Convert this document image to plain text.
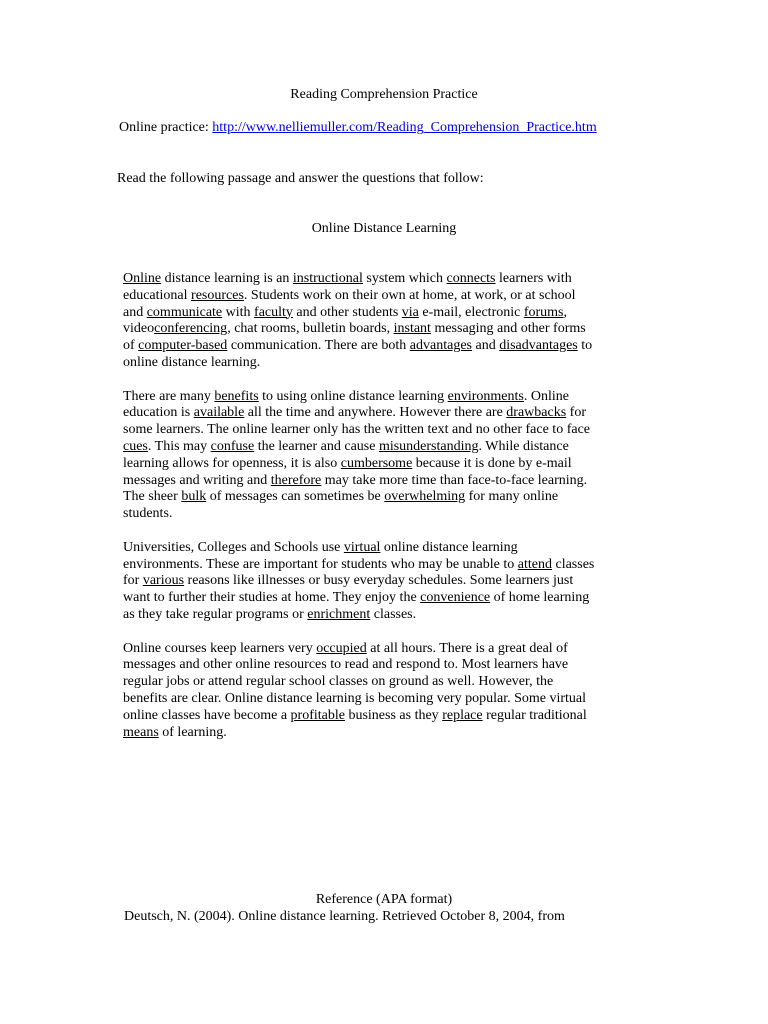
Reading Comprehension Practice
Online practice: http://www.nelliemuller.com/Reading_Comprehension_Practice.htm
Read the following passage and answer the questions that follow:
Online Distance Learning

Online distance learning is an instructional system which connects learners with
educational resources. Students work on their own at home, at work, or at school
and communicate with faculty and other students via e-mail, electronic forums,
videoconferencing, chat rooms, bulletin boards, instant messaging and other forms
of computer-based communication. There are both advantages and disadvantages to
online distance learning.

There are many benefits to using online distance learning environments. Online
education is available all the time and anywhere. However there are drawbacks for
some learners. The online learner only has the written text and no other face to face
cues. This may confuse the learner and cause misunderstanding. While distance
learning allows for openness, it is also cumbersome because it is done by e-mail
messages and writing and therefore may take more time than face-to-face learning.
The sheer bulk of messages can sometimes be overwhelming for many online
students.

Universities, Colleges and Schools use virtual online distance learning
environments. These are important for students who may be unable to attend classes
for various reasons like illnesses or busy everyday schedules. Some learners just
want to further their studies at home. They enjoy the convenience of home learning
as they take regular programs or enrichment classes.

Online courses keep learners very occupied at all hours. There is a great deal of
messages and other online resources to read and respond to. Most learners have
regular jobs or attend regular school classes on ground as well. However, the
benefits are clear. Online distance learning is becoming very popular. Some virtual
online classes have become a profitable business as they replace regular traditional
means of learning.

Reference (APA format)
Deutsch, N. (2004). Online distance learning. Retrieved October 8, 2004, from
